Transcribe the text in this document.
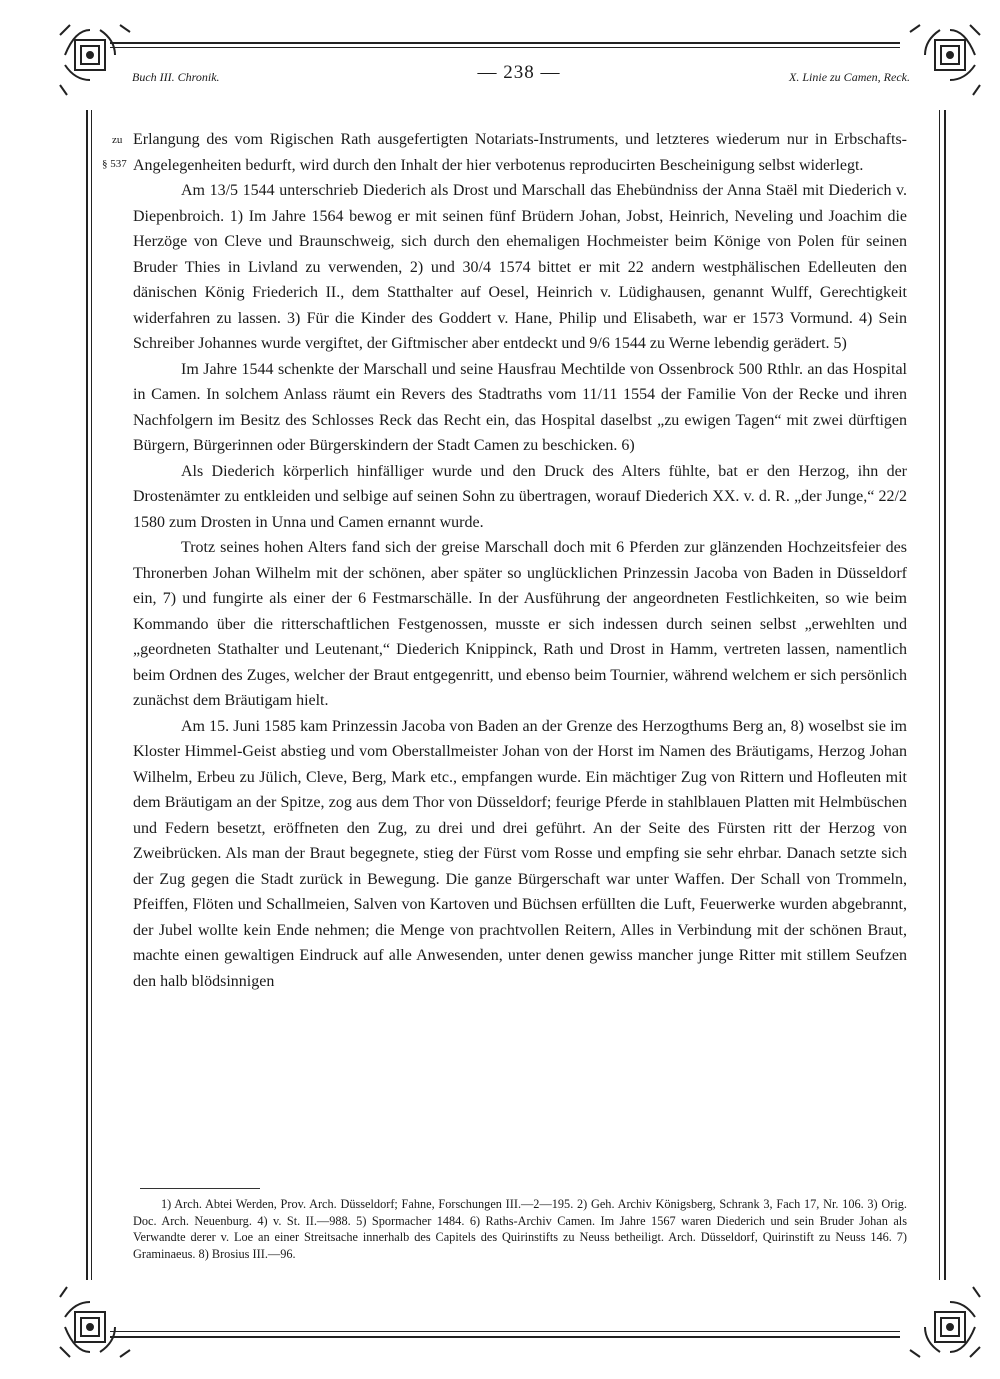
Buch III. Chronik.	— 238 —	X. Linie zu Camen, Reck.
zu
§ 537

Erlangung des vom Rigischen Rath ausgefertigten Notariats-Instruments, und letzteres wiederum nur in Erbschafts-Angelegenheiten bedurft, wird durch den Inhalt der hier verbotenus reproducirten Bescheinigung selbst widerlegt.

Am 13/5 1544 unterschrieb Diederich als Drost und Marschall das Ehebündniss der Anna Staël mit Diederich v. Diepenbroich. 1) Im Jahre 1564 bewog er mit seinen fünf Brüdern Johan, Jobst, Heinrich, Neveling und Joachim die Herzöge von Cleve und Braunschweig, sich durch den ehemaligen Hochmeister beim Könige von Polen für seinen Bruder Thies in Livland zu verwenden, 2) und 30/4 1574 bittet er mit 22 andern westphälischen Edelleuten den dänischen König Friederich II., dem Statthalter auf Oesel, Heinrich v. Lüdighausen, genannt Wulff, Gerechtigkeit widerfahren zu lassen. 3) Für die Kinder des Goddert v. Hane, Philip und Elisabeth, war er 1573 Vormund. 4) Sein Schreiber Johannes wurde vergiftet, der Giftmischer aber entdeckt und 9/6 1544 zu Werne lebendig gerädert. 5)

Im Jahre 1544 schenkte der Marschall und seine Hausfrau Mechtilde von Ossenbrock 500 Rthlr. an das Hospital in Camen. In solchem Anlass räumt ein Revers des Stadtraths vom 11/11 1554 der Familie Von der Recke und ihren Nachfolgern im Besitz des Schlosses Reck das Recht ein, das Hospital daselbst „zu ewigen Tagen“ mit zwei dürftigen Bürgern, Bürgerinnen oder Bürgerskindern der Stadt Camen zu beschicken. 6)

Als Diederich körperlich hinfälliger wurde und den Druck des Alters fühlte, bat er den Herzog, ihn der Drostenämter zu entkleiden und selbige auf seinen Sohn zu übertragen, worauf Diederich XX. v. d. R. „der Junge,“ 22/2 1580 zum Drosten in Unna und Camen ernannt wurde.

Trotz seines hohen Alters fand sich der greise Marschall doch mit 6 Pferden zur glänzenden Hochzeitsfeier des Thronerben Johan Wilhelm mit der schönen, aber später so unglücklichen Prinzessin Jacoba von Baden in Düsseldorf ein, 7) und fungirte als einer der 6 Festmarschälle. In der Ausführung der angeordneten Festlichkeiten, so wie beim Kommando über die ritterschaftlichen Festgenossen, musste er sich indessen durch seinen selbst „erwehlten und „geordneten Stathalter und Leutenant,“ Diederich Knippinck, Rath und Drost in Hamm, vertreten lassen, namentlich beim Ordnen des Zuges, welcher der Braut entgegenritt, und ebenso beim Tournier, während welchem er sich persönlich zunächst dem Bräutigam hielt.

Am 15. Juni 1585 kam Prinzessin Jacoba von Baden an der Grenze des Herzogthums Berg an, 8) woselbst sie im Kloster Himmel-Geist abstieg und vom Oberstallmeister Johan von der Horst im Namen des Bräutigams, Herzog Johan Wilhelm, Erbeu zu Jülich, Cleve, Berg, Mark etc., empfangen wurde. Ein mächtiger Zug von Rittern und Hofleuten mit dem Bräutigam an der Spitze, zog aus dem Thor von Düsseldorf; feurige Pferde in stahlblauen Platten mit Helmbüschen und Federn besetzt, eröffneten den Zug, zu drei und drei geführt. An der Seite des Fürsten ritt der Herzog von Zweibrücken. Als man der Braut begegnete, stieg der Fürst vom Rosse und empfing sie sehr ehrbar. Danach setzte sich der Zug gegen die Stadt zurück in Bewegung. Die ganze Bürgerschaft war unter Waffen. Der Schall von Trommeln, Pfeiffen, Flöten und Schallmeien, Salven von Kartoven und Büchsen erfüllten die Luft, Feuerwerke wurden abgebrannt, der Jubel wollte kein Ende nehmen; die Menge von prachtvollen Reitern, Alles in Verbindung mit der schönen Braut, machte einen gewaltigen Eindruck auf alle Anwesenden, unter denen gewiss mancher junge Ritter mit stillem Seufzen den halb blödsinnigen

1) Arch. Abtei Werden, Prov. Arch. Düsseldorf; Fahne, Forschungen III.—2—195. 2) Geh. Archiv Königsberg, Schrank 3, Fach 17, Nr. 106. 3) Orig. Doc. Arch. Neuenburg. 4) v. St. II.—988. 5) Spormacher 1484. 6) Raths-Archiv Camen. Im Jahre 1567 waren Diederich und sein Bruder Johan als Verwandte derer v. Loe an einer Streitsache innerhalb des Capitels des Quirinstifts zu Neuss betheiligt. Arch. Düsseldorf, Quirinstift zu Neuss 146. 7) Graminaeus. 8) Brosius III.—96.
